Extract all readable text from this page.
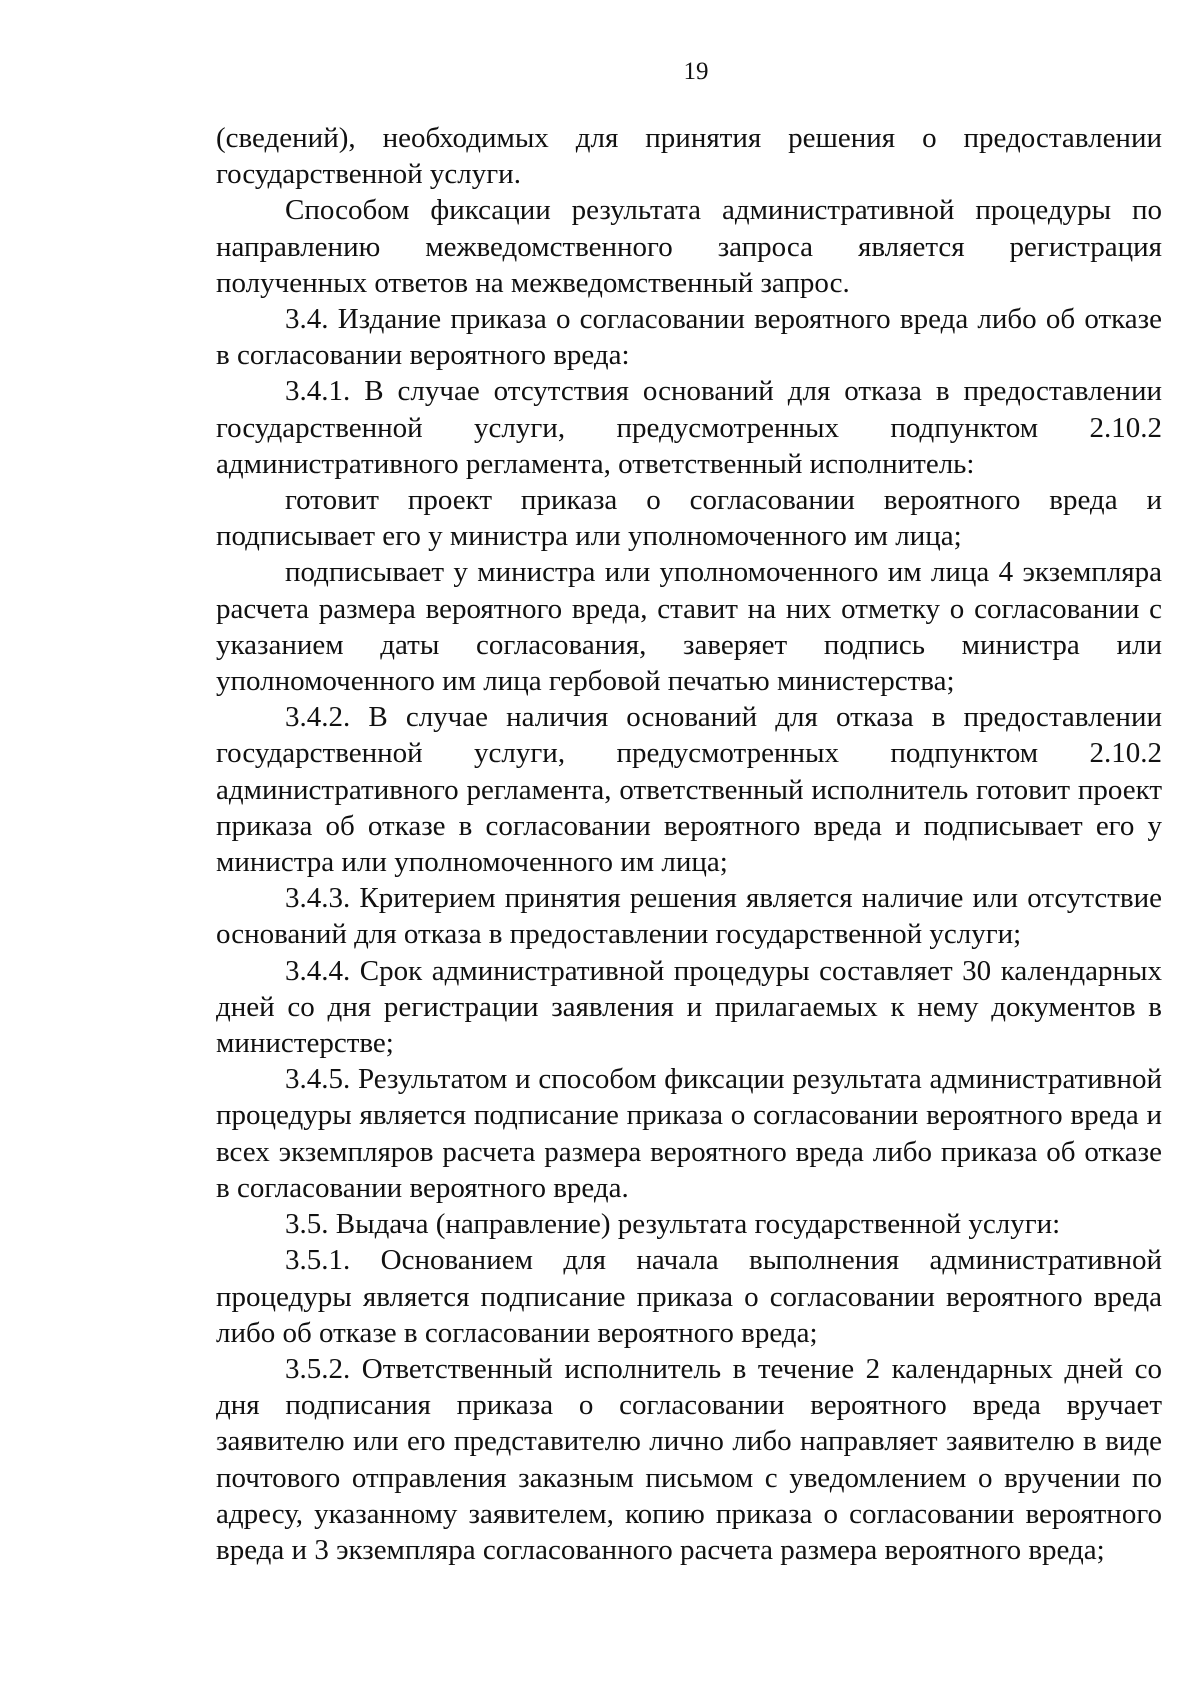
19

(сведений), необходимых для принятия решения о предоставлении государственной услуги.

Способом фиксации результата административной процедуры по направлению межведомственного запроса является регистрация полученных ответов на межведомственный запрос.

3.4. Издание приказа о согласовании вероятного вреда либо об отказе в согласовании вероятного вреда:

3.4.1. В случае отсутствия оснований для отказа в предоставлении государственной услуги, предусмотренных подпунктом 2.10.2 административного регламента, ответственный исполнитель:

готовит проект приказа о согласовании вероятного вреда и подписывает его у министра или уполномоченного им лица;

подписывает у министра или уполномоченного им лица 4 экземпляра расчета размера вероятного вреда, ставит на них отметку о согласовании с указанием даты согласования, заверяет подпись министра или уполномоченного им лица гербовой печатью министерства;

3.4.2. В случае наличия оснований для отказа в предоставлении государственной услуги, предусмотренных подпунктом 2.10.2 административного регламента, ответственный исполнитель готовит проект приказа об отказе в согласовании вероятного вреда и подписывает его у министра или уполномоченного им лица;

3.4.3. Критерием принятия решения является наличие или отсутствие оснований для отказа в предоставлении государственной услуги;

3.4.4. Срок административной процедуры составляет 30 календарных дней со дня регистрации заявления и прилагаемых к нему документов в министерстве;

3.4.5. Результатом и способом фиксации результата административной процедуры является подписание приказа о согласовании вероятного вреда и всех экземпляров расчета размера вероятного вреда либо приказа об отказе в согласовании вероятного вреда.

3.5. Выдача (направление) результата государственной услуги:

3.5.1. Основанием для начала выполнения административной процедуры является подписание приказа о согласовании вероятного вреда либо об отказе в согласовании вероятного вреда;

3.5.2. Ответственный исполнитель в течение 2 календарных дней со дня подписания приказа о согласовании вероятного вреда вручает заявителю или его представителю лично либо направляет заявителю в виде почтового отправления заказным письмом с уведомлением о вручении по адресу, указанному заявителем, копию приказа о согласовании вероятного вреда и 3 экземпляра согласованного расчета размера вероятного вреда;
